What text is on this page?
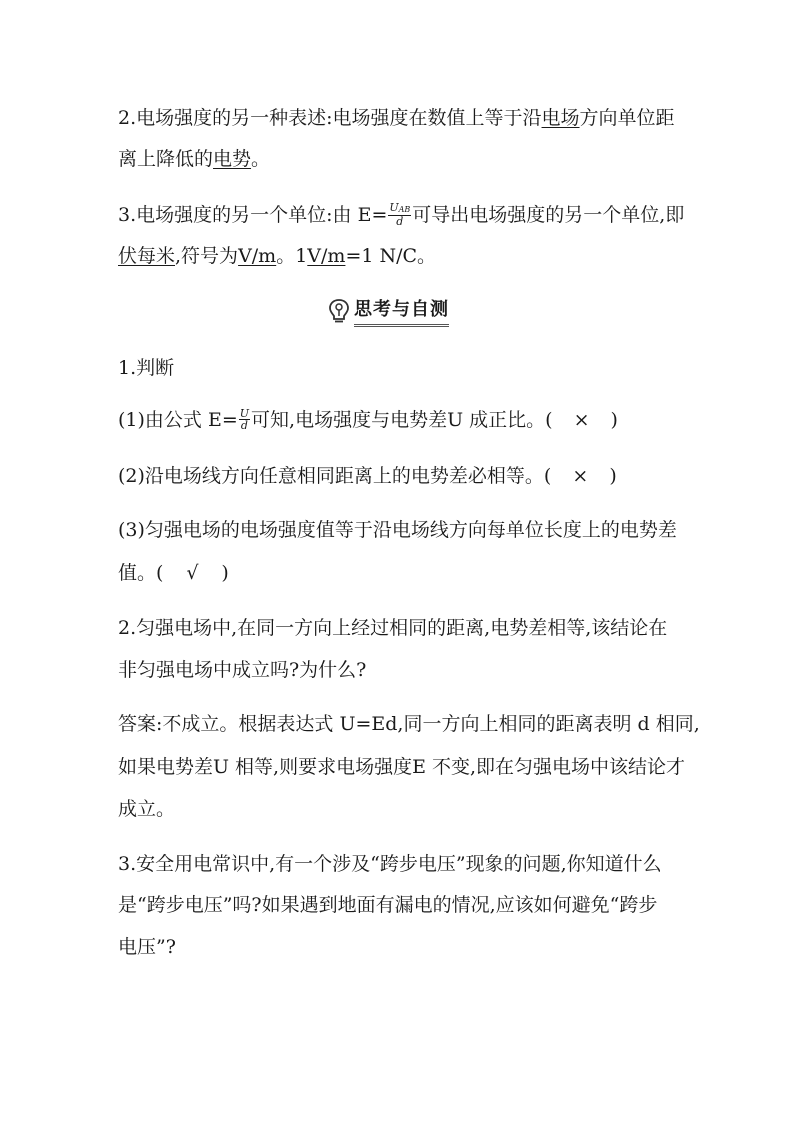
2.电场强度的另一种表述:电场强度在数值上等于沿电场方向单位距
离上降低的电势。
3.电场强度的另一个单位:由 $E= \frac{U_{AB}}{d}$ 可导出电场强度的另一个单位,即
伏每米,符号为V/m。1V/m=1 N/C。
思考与自测
1.判断
(1)由公式 $E= \frac{U}{d}$ 可知,电场强度与电势差U 成正比。( × )
(2)沿电场线方向任意相同距离上的电势差必相等。( × )
(3)匀强电场的电场强度值等于沿电场线方向每单位长度上的电势差
值。( √ )
2.匀强电场中,在同一方向上经过相同的距离,电势差相等,该结论在
非匀强电场中成立吗?为什么?
答案:不成立。根据表达式 U=Ed,同一方向上相同的距离表明 d 相同,
如果电势差U 相等,则要求电场强度E 不变,即在匀强电场中该结论才
成立。
3.安全用电常识中,有一个涉及“跨步电压”现象的问题,你知道什么
是“跨步电压”吗?如果遇到地面有漏电的情况,应该如何避免“跨步
电压”?
